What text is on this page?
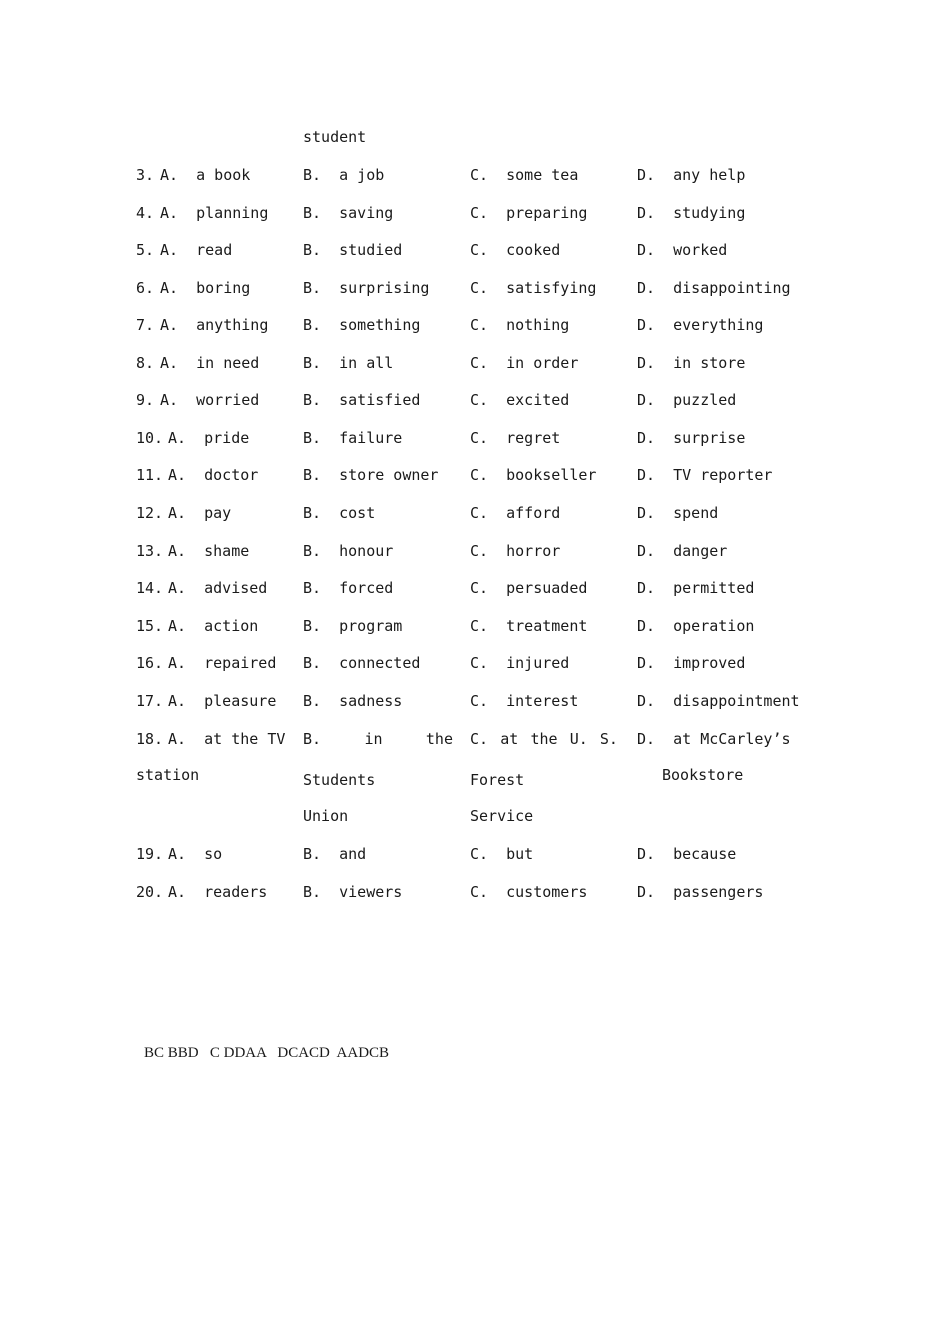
student
3. A.  a book	B.  a job	C.  some tea	D.  any help
4. A.  planning B.  saving	C.  preparing	D.  studying
5. A.  read	B.  studied	C.  cooked	D.  worked
6. A.  boring	B.  surprising	C.  satisfying	D.  disappointing
7. A.  anything B.  something	C.  nothing	D.  everything
8. A.  in need	B.  in all	C.  in order	D.  in store
9. A.  worried	B.  satisfied	C.  excited	D.  puzzled
10. A.  pride	B.  failure	C.  regret	D.  surprise
11. A.  doctor	B.  store owner C.  bookseller	D.  TV reporter
12. A.  pay	B.  cost	C.  afford	D.  spend
13. A.  shame	B.  honour	C.  horror	D.  danger
14. A.  advised B.  forced	C.  persuaded	D.  permitted
15. A.  action	B.  program	C.  treatment	D.  operation
16. A.  repaired B.  connected	C.  injured	D.  improved
17. A.  pleasure B.  sadness	C.  interest	D.  disappointment
18. A.  at the TV
station
B.	in	the
Students
Union
C. at the U. S.
Forest
Service
D.  at McCarley’s
Bookstore
19. A.  so	B.  and	C.  but	D.  because
20. A.  readers B.  viewers	C.  customers	D.  passengers
BC BBD   C DDAA   DCACD  AADCB
